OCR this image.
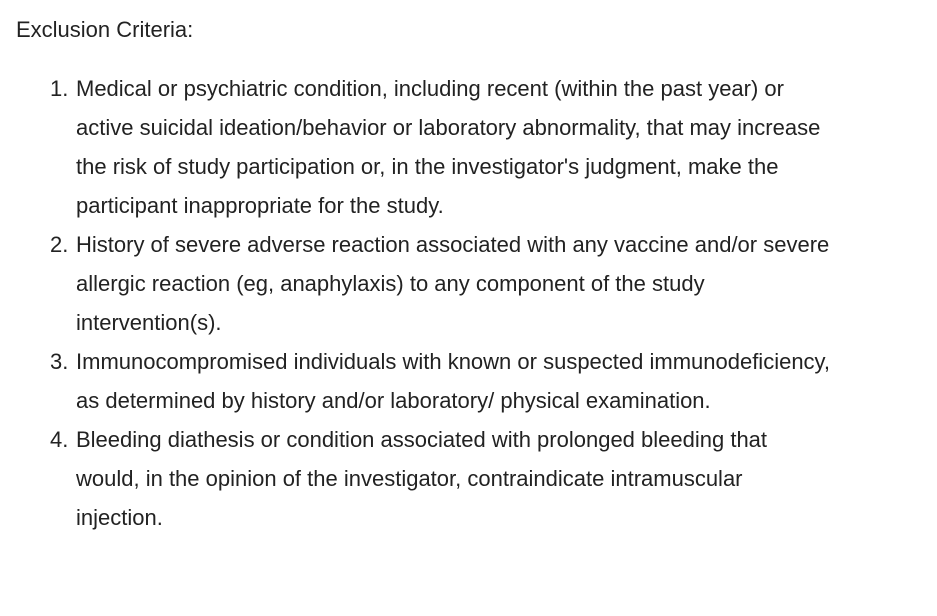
Exclusion Criteria:

1. Medical or psychiatric condition, including recent (within the past year) or active suicidal ideation/behavior or laboratory abnormality, that may increase the risk of study participation or, in the investigator's judgment, make the participant inappropriate for the study.
2. History of severe adverse reaction associated with any vaccine and/or severe allergic reaction (eg, anaphylaxis) to any component of the study intervention(s).
3. Immunocompromised individuals with known or suspected immunodeficiency, as determined by history and/or laboratory/ physical examination.
4. Bleeding diathesis or condition associated with prolonged bleeding that would, in the opinion of the investigator, contraindicate intramuscular injection.
